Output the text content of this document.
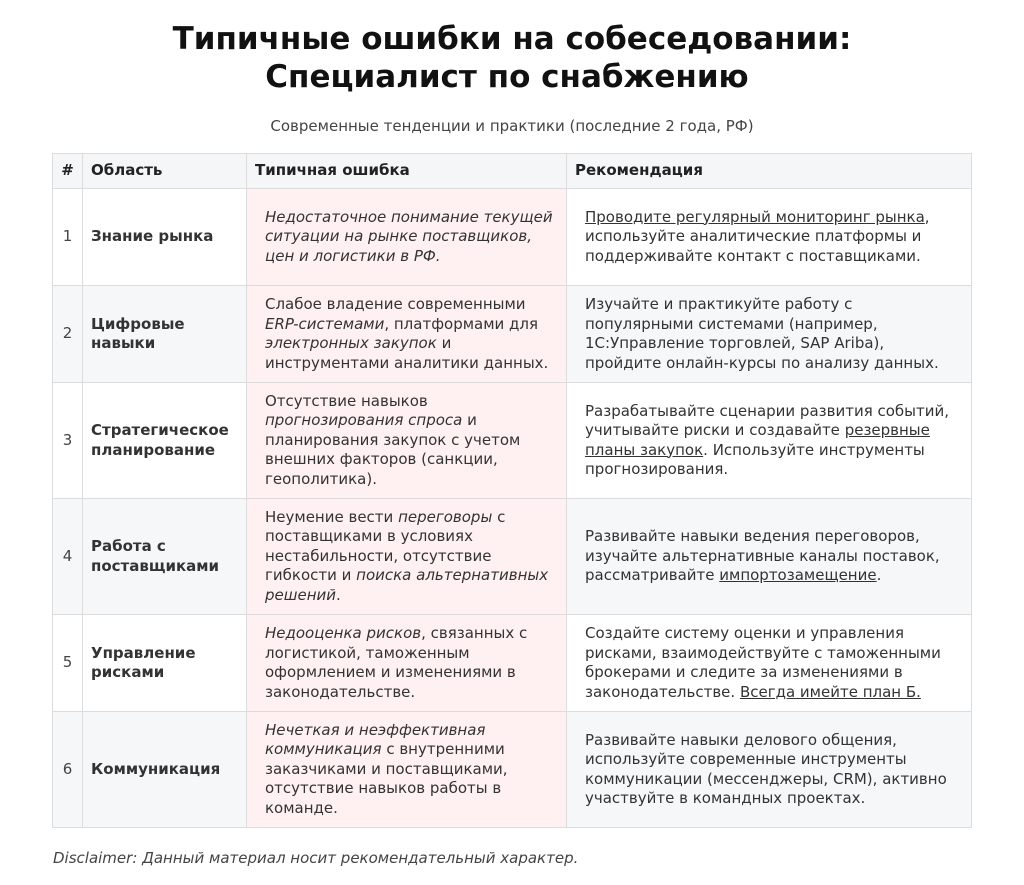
Типичные ошибки на собеседовании:
Специалист по снабжению
Современные тенденции и практики (последние 2 года, РФ)
#	Область	Типичная ошибка	Рекомендация
1	Знание рынка	Недостаточное понимание текущей ситуации на рынке поставщиков, цен и логистики в РФ.	Проводите регулярный мониторинг рынка, используйте аналитические платформы и поддерживайте контакт с поставщиками.

2	Цифровые навыки	Слабое владение современными ERP-системами, платформами для электронных закупок и инструментами аналитики данных.	Изучайте и практикуйте работу с популярными системами (например, 1С:Управление торговлей, SAP Ariba), пройдите онлайн-курсы по анализу данных.

3	Стратегическое планирование	Отсутствие навыков прогнозирования спроса и планирования закупок с учетом внешних факторов (санкции, геополитика).	Разрабатывайте сценарии развития событий, учитывайте риски и создавайте резервные планы закупок. Используйте инструменты прогнозирования.

4	Работа с поставщиками	Неумение вести переговоры с поставщиками в условиях нестабильности, отсутствие гибкости и поиска альтернативных решений.	Развивайте навыки ведения переговоров, изучайте альтернативные каналы поставок, рассматривайте импортозамещение.

5	Управление рисками	Недооценка рисков, связанных с логистикой, таможенным оформлением и изменениями в законодательстве.	Создайте систему оценки и управления рисками, взаимодействуйте с таможенными брокерами и следите за изменениями в законодательстве. Всегда имейте план Б.

6	Коммуникация	Нечеткая и неэффективная коммуникация с внутренними заказчиками и поставщиками, отсутствие навыков работы в команде.	Развивайте навыки делового общения, используйте современные инструменты коммуникации (мессенджеры, CRM), активно участвуйте в командных проектах.
Disclaimer: Данный материал носит рекомендательный характер.
